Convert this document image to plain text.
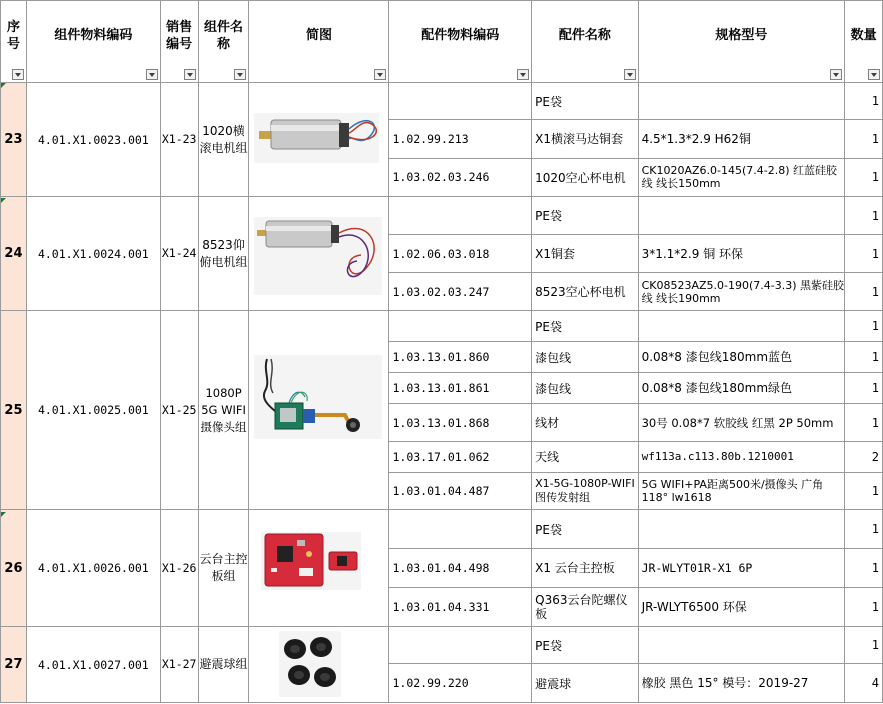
序号	组件物料编码	销售编号	组件名称	简图	配件物料编码	配件名称	规格型号	数量

23	4.01.X1.0023.001	X1-23	1020横滚电机组			PE袋		1
					1.02.99.213	X1横滚马达铜套	4.5*1.3*2.9 H62铜	1
					1.03.02.03.246	1020空心杯电机	CK1020AZ6.0-145(7.4-2.8) 红蓝硅胶线 线长150mm	1
24	4.01.X1.0024.001	X1-24	8523仰俯电机组			PE袋		1
					1.02.06.03.018	X1铜套	3*1.1*2.9 铜 环保	1
					1.03.02.03.247	8523空心杯电机	CK08523AZ5.0-190(7.4-3.3) 黑紫硅胶线 线长190mm	1
25	4.01.X1.0025.001	X1-25	1080P 5G WIFI摄像头组			PE袋		1
					1.03.13.01.860	漆包线	0.08*8 漆包线180mm蓝色	1
					1.03.13.01.861	漆包线	0.08*8 漆包线180mm绿色	1
					1.03.13.01.868	线材	30号 0.08*7 软胶线 红黑 2P 50mm	1
					1.03.17.01.062	天线	wf113a.c113.80b.1210001	2
					1.03.01.04.487	X1-5G-1080P-WIFI图传发射组	5G WIFI+PA距离500米/摄像头 广角118° lw1618	1
26	4.01.X1.0026.001	X1-26	云台主控板组			PE袋		1
					1.03.01.04.498	X1 云台主控板	JR-WLYT01R-X1 6P	1
					1.03.01.04.331	Q363云台陀螺仪板	JR-WLYT6500 环保	1
27	4.01.X1.0027.001	X1-27	避震球组			PE袋		1
					1.02.99.220	避震球	橡胶 黑色 15° 模号：2019-27	4
